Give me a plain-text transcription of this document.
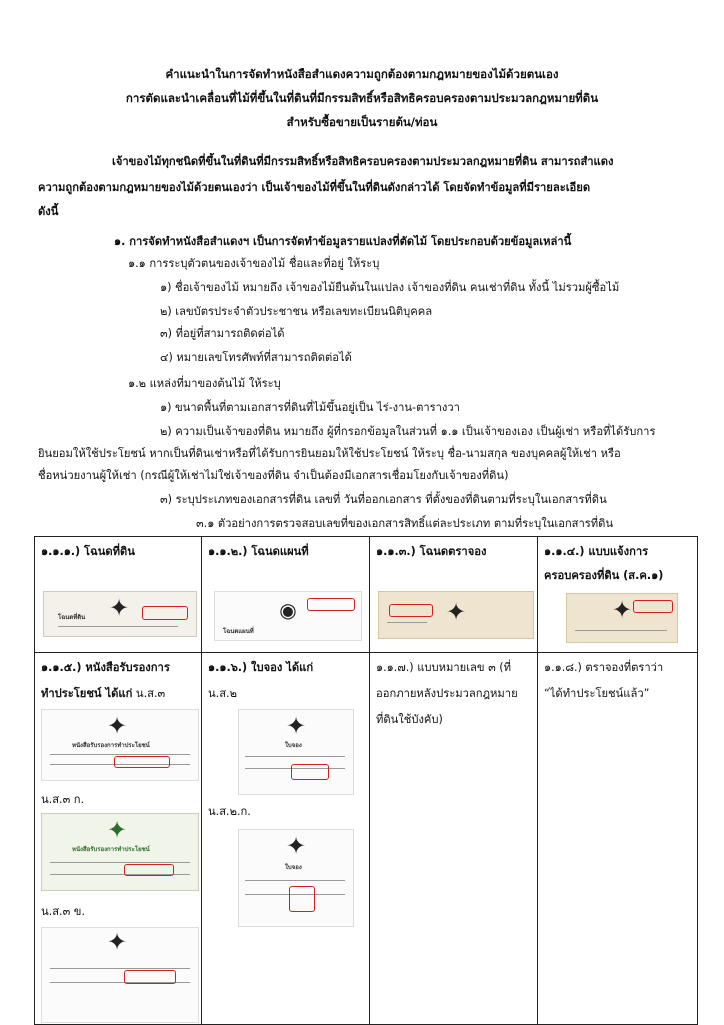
คำแนะนำในการจัดทำหนังสือสำแดงความถูกต้องตามกฎหมายของไม้ด้วยตนเอง
การตัดและนำเคลื่อนที่ไม้ที่ขึ้นในที่ดินที่มีกรรมสิทธิ์หรือสิทธิครอบครองตามประมวลกฎหมายที่ดิน
สำหรับซื้อขายเป็นรายต้น/ท่อน
เจ้าของไม้ทุกชนิดที่ขึ้นในที่ดินที่มีกรรมสิทธิ์หรือสิทธิครอบครองตามประมวลกฎหมายที่ดิน สามารถสำแดง
ความถูกต้องตามกฎหมายของไม้ด้วยตนเองว่า เป็นเจ้าของไม้ที่ขึ้นในที่ดินดังกล่าวได้ โดยจัดทำข้อมูลที่มีรายละเอียด
ดังนี้
๑. การจัดทำหนังสือสำแดงฯ เป็นการจัดทำข้อมูลรายแปลงที่ตัดไม้ โดยประกอบด้วยข้อมูลเหล่านี้
๑.๑ การระบุตัวตนของเจ้าของไม้ ชื่อและที่อยู่ ให้ระบุ
๑) ชื่อเจ้าของไม้ หมายถึง เจ้าของไม้ยืนต้นในแปลง เจ้าของที่ดิน คนเช่าที่ดิน ทั้งนี้ ไม่รวมผู้ซื้อไม้
๒) เลขบัตรประจำตัวประชาชน หรือเลขทะเบียนนิติบุคคล
๓) ที่อยู่ที่สามารถติดต่อได้
๔) หมายเลขโทรศัพท์ที่สามารถติดต่อได้
๑.๒ แหล่งที่มาของต้นไม้ ให้ระบุ
๑) ขนาดพื้นที่ตามเอกสารที่ดินที่ไม้ขึ้นอยู่เป็น ไร่-งาน-ตารางวา
๒) ความเป็นเจ้าของที่ดิน หมายถึง ผู้ที่กรอกข้อมูลในส่วนที่ ๑.๑ เป็นเจ้าของเอง เป็นผู้เช่า หรือที่ได้รับการ
ยินยอมให้ใช้ประโยชน์ หากเป็นที่ดินเช่าหรือที่ได้รับการยินยอมให้ใช้ประโยชน์ ให้ระบุ ชื่อ-นามสกุล ของบุคคลผู้ให้เช่า หรือ
ชื่อหน่วยงานผู้ให้เช่า (กรณีผู้ให้เช่าไม่ใช่เจ้าของที่ดิน จำเป็นต้องมีเอกสารเชื่อมโยงกับเจ้าของที่ดิน)
๓) ระบุประเภทของเอกสารที่ดิน เลขที่ วันที่ออกเอกสาร ที่ตั้งของที่ดินตามที่ระบุในเอกสารที่ดิน
๓.๑ ตัวอย่างการตรวจสอบเลขที่ของเอกสารสิทธิ์แต่ละประเภท ตามที่ระบุในเอกสารที่ดิน
๑.๑.๑.) โฉนดที่ดิน
✦
โฉนดที่ดิน
๑.๑.๒.) โฉนดแผนที่
◉
โฉนดแผนที่
๑.๑.๓.) โฉนดตราจอง
✦
๑.๑.๔.) แบบแจ้งการ
ครอบครองที่ดิน (ส.ค.๑)
✦
๑.๑.๕.) หนังสือรับรองการ
ทำประโยชน์ ได้แก่ น.ส.๓
✦
หนังสือรับรองการทำประโยชน์
น.ส.๓ ก.
✦
หนังสือรับรองการทำประโยชน์
น.ส.๓ ข.
✦
๑.๑.๖.) ใบจอง ได้แก่
น.ส.๒
✦
ใบจอง
น.ส.๒.ก.
✦
ใบจอง
๑.๑.๗.) แบบหมายเลข ๓ (ที่
ออกภายหลังประมวลกฎหมาย
ที่ดินใช้บังคับ)
๑.๑.๘.) ตราจองที่ตราว่า
“ได้ทำประโยชน์แล้ว”
